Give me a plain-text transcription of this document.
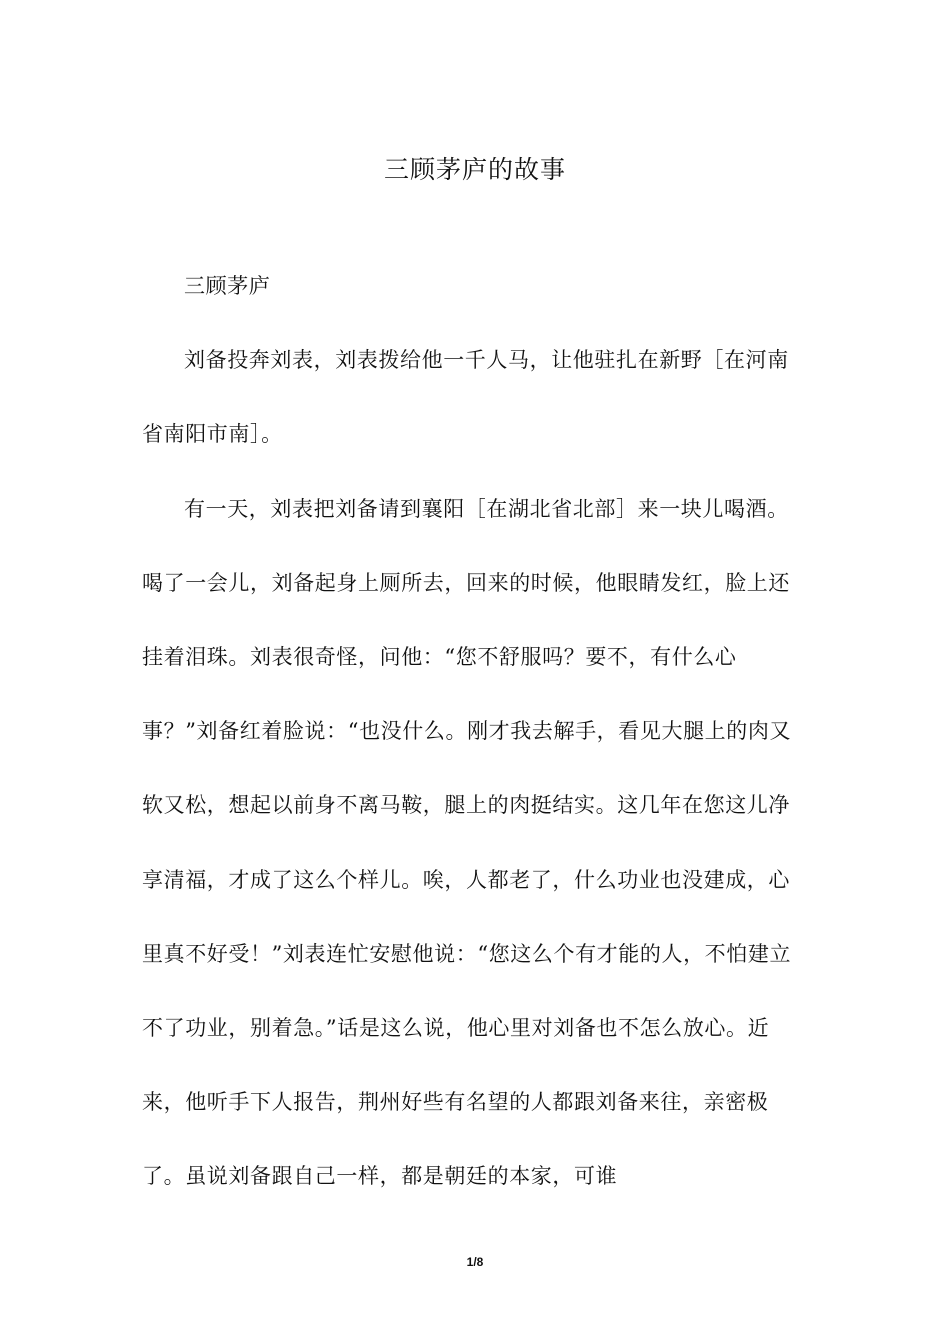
三顾茅庐的故事

三顾茅庐

刘备投奔刘表，刘表拨给他一千人马，让他驻扎在新野［在河南省南阳市南］。

有一天，刘表把刘备请到襄阳［在湖北省北部］来一块儿喝酒。喝了一会儿，刘备起身上厕所去，回来的时候，他眼睛发红，脸上还挂着泪珠。刘表很奇怪，问他：“您不舒服吗？要不，有什么心事？”刘备红着脸说：“也没什么。刚才我去解手，看见大腿上的肉又软又松，想起以前身不离马鞍，腿上的肉挺结实。这几年在您这儿净享清福，才成了这么个样儿。唉，人都老了，什么功业也没建成，心里真不好受！”刘表连忙安慰他说：“您这么个有才能的人，不怕建立不了功业，别着急。”话是这么说，他心里对刘备也不怎么放心。近来，他听手下人报告，荆州好些有名望的人都跟刘备来往，亲密极了。虽说刘备跟自己一样，都是朝廷的本家，可谁

1/8
